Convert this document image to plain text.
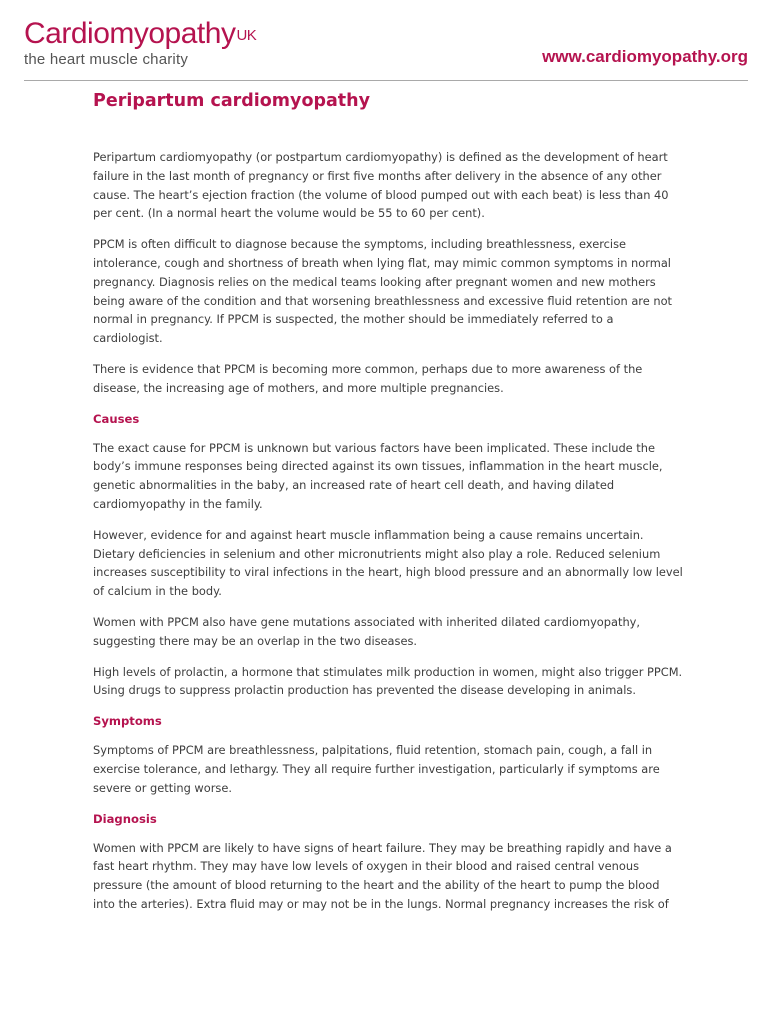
Cardiomyopathy$^{UK}$
the heart muscle charity	www.cardiomyopathy.org
Peripartum cardiomyopathy

Peripartum cardiomyopathy (or postpartum cardiomyopathy) is defined as the development of heart failure in the last month of pregnancy or first five months after delivery in the absence of any other cause. The heart’s ejection fraction (the volume of blood pumped out with each beat) is less than 40 per cent. (In a normal heart the volume would be 55 to 60 per cent).

PPCM is often difficult to diagnose because the symptoms, including breathlessness, exercise intolerance, cough and shortness of breath when lying flat, may mimic common symptoms in normal pregnancy. Diagnosis relies on the medical teams looking after pregnant women and new mothers being aware of the condition and that worsening breathlessness and excessive fluid retention are not normal in pregnancy. If PPCM is suspected, the mother should be immediately referred to a cardiologist.

There is evidence that PPCM is becoming more common, perhaps due to more awareness of the disease, the increasing age of mothers, and more multiple pregnancies.

Causes

The exact cause for PPCM is unknown but various factors have been implicated. These include the body’s immune responses being directed against its own tissues, inflammation in the heart muscle, genetic abnormalities in the baby, an increased rate of heart cell death, and having dilated cardiomyopathy in the family.

However, evidence for and against heart muscle inflammation being a cause remains uncertain. Dietary deficiencies in selenium and other micronutrients might also play a role. Reduced selenium increases susceptibility to viral infections in the heart, high blood pressure and an abnormally low level of calcium in the body.

Women with PPCM also have gene mutations associated with inherited dilated cardiomyopathy, suggesting there may be an overlap in the two diseases.

High levels of prolactin, a hormone that stimulates milk production in women, might also trigger PPCM. Using drugs to suppress prolactin production has prevented the disease developing in animals.

Symptoms

Symptoms of PPCM are breathlessness, palpitations, fluid retention, stomach pain, cough, a fall in exercise tolerance, and lethargy. They all require further investigation, particularly if symptoms are severe or getting worse.

Diagnosis

Women with PPCM are likely to have signs of heart failure. They may be breathing rapidly and have a fast heart rhythm. They may have low levels of oxygen in their blood and raised central venous pressure (the amount of blood returning to the heart and the ability of the heart to pump the blood into the arteries). Extra fluid may or may not be in the lungs. Normal pregnancy increases the risk of
